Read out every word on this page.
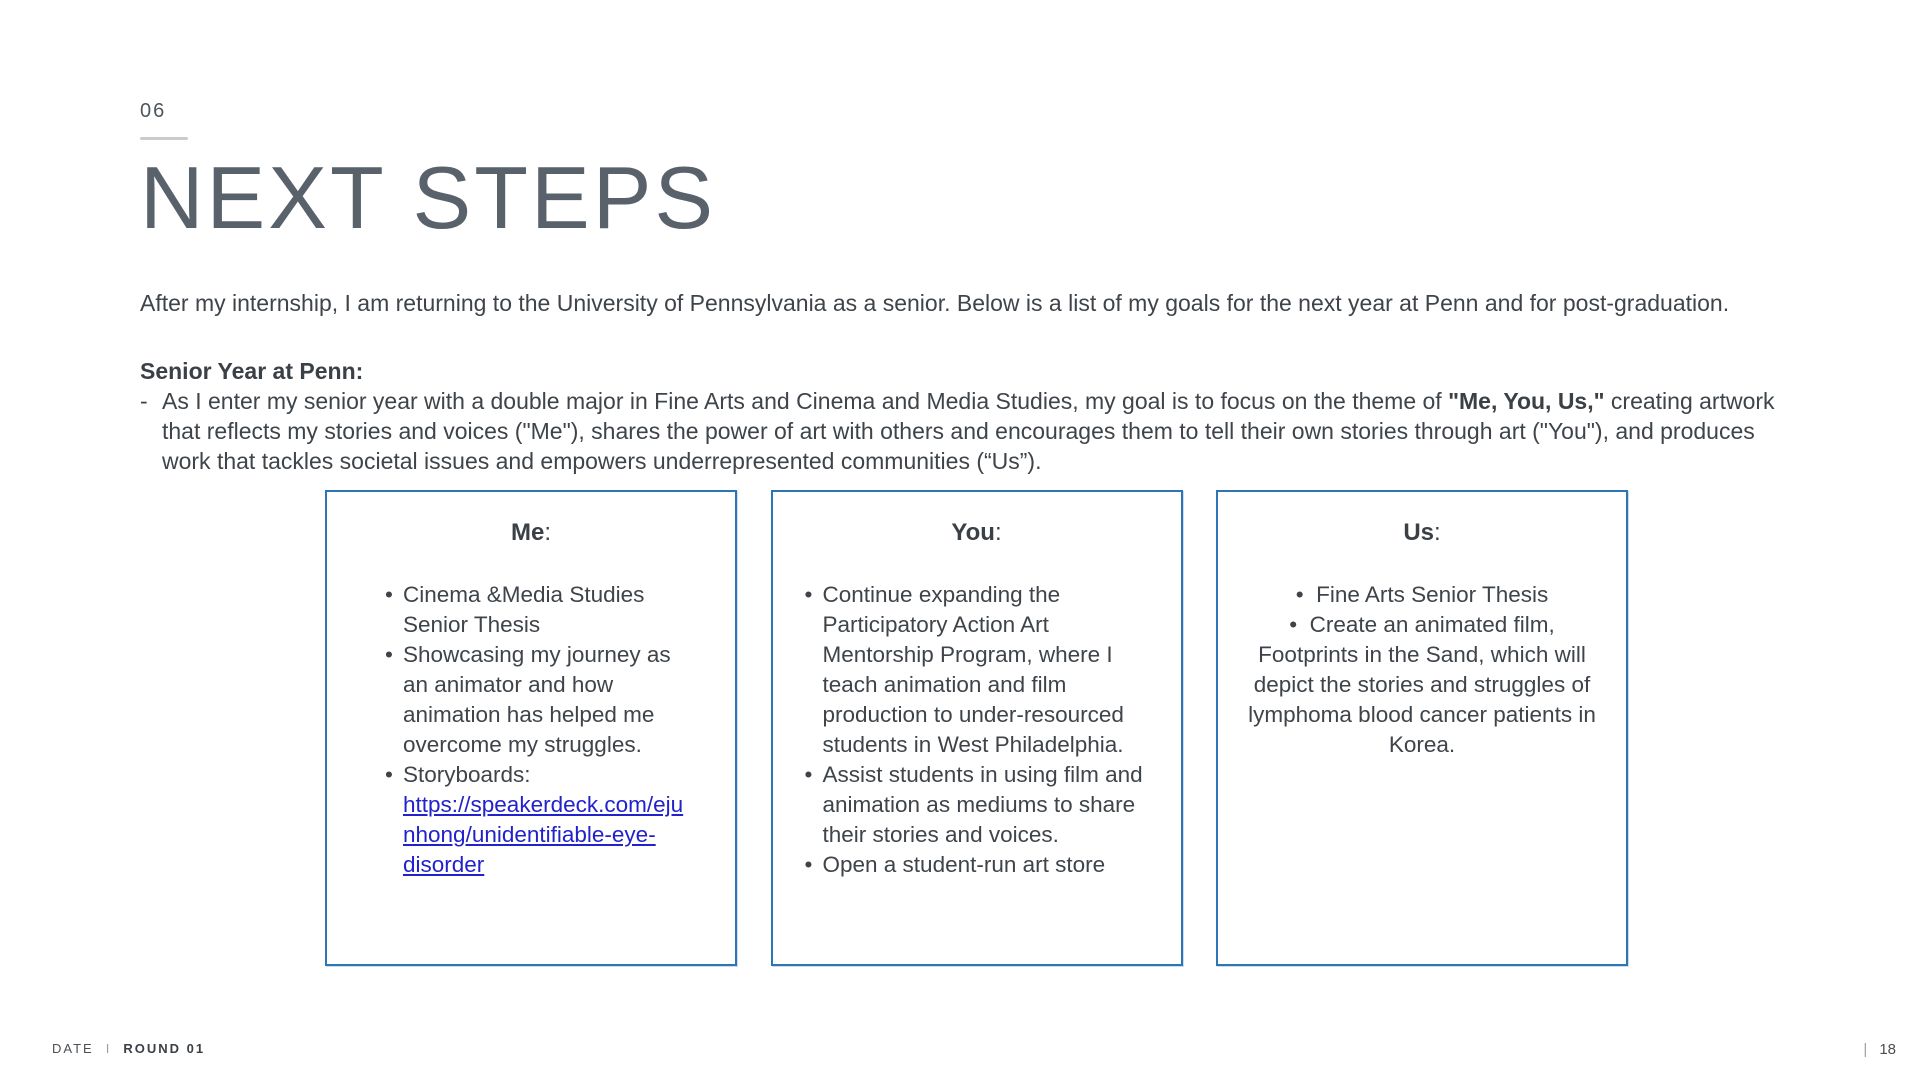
06
NEXT STEPS

After my internship, I am returning to the University of Pennsylvania as a senior. Below is a list of my goals for the next year at Penn and for post-graduation.

Senior Year at Penn:

- As I enter my senior year with a double major in Fine Arts and Cinema and Media Studies, my goal is to focus on the theme of "Me, You, Us," creating artwork that reflects my stories and voices ("Me"), shares the power of art with others and encourages them to tell their own stories through art ("You"), and produces work that tackles societal issues and empowers underrepresented communities (“Us”).
Me:
• Cinema &Media Studies Senior Thesis
• Showcasing my journey as an animator and how animation has helped me overcome my struggles.
• Storyboards: https://speakerdeck.com/ejunhong/unidentifiable-eye-disorder
You:
• Continue expanding the Participatory Action Art Mentorship Program, where I teach animation and film production to under-resourced students in West Philadelphia.
• Assist students in using film and animation as mediums to share their stories and voices.
• Open a student-run art store
Us:
•  Fine Arts Senior Thesis
•  Create an animated film, Footprints in the Sand, which will depict the stories and struggles of lymphoma blood cancer patients in Korea.
DATE I ROUND 01	| 18
